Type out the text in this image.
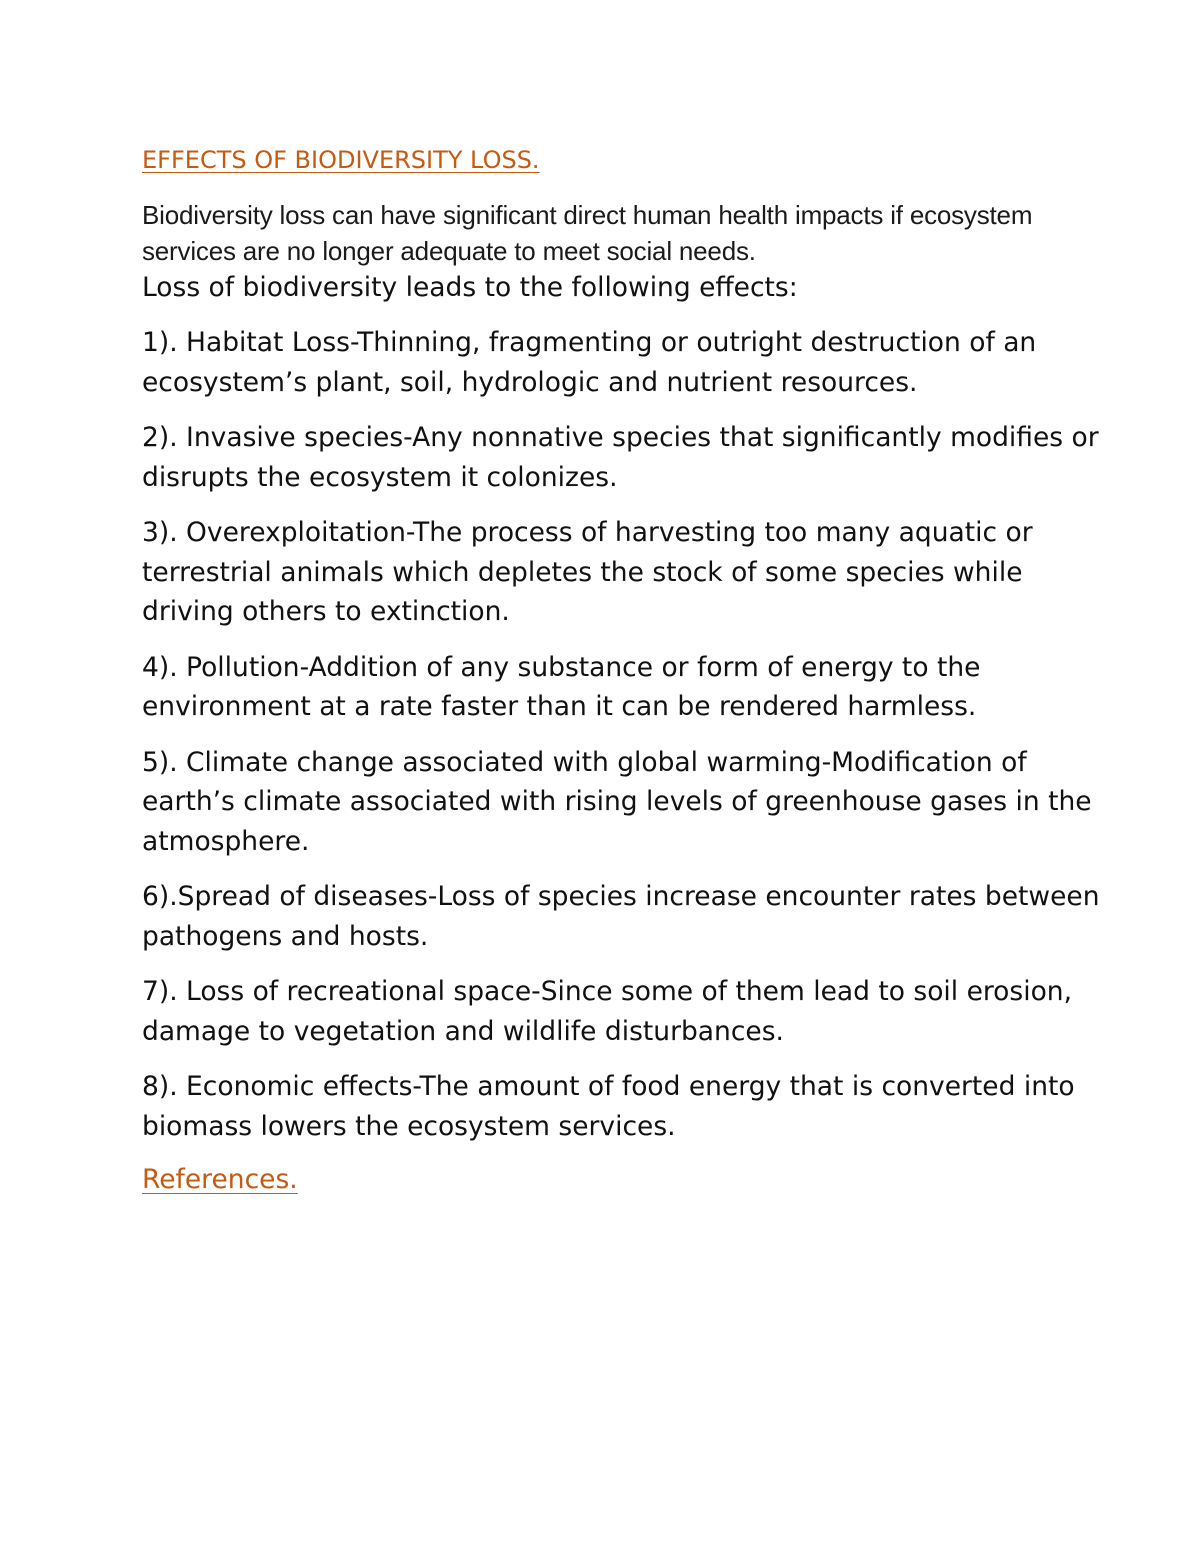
EFFECTS OF BIODIVERSITY LOSS.

Biodiversity loss can have significant direct human health impacts if ecosystem services are no longer adequate to meet social needs.

Loss of biodiversity leads to the following effects:

1). Habitat Loss-Thinning, fragmenting or outright destruction of an ecosystem’s plant, soil, hydrologic and nutrient resources.

2). Invasive species-Any nonnative species that significantly modifies or disrupts the ecosystem it colonizes.

3). Overexploitation-The process of harvesting too many aquatic or terrestrial animals which depletes the stock of some species while driving others to extinction.

4). Pollution-Addition of any substance or form of energy to the environment at a rate faster than it can be rendered harmless.

5). Climate change associated with global warming-Modification of earth’s climate associated with rising levels of greenhouse gases in the atmosphere.

6).Spread of diseases-Loss of species increase encounter rates between pathogens and hosts.

7). Loss of recreational space-Since some of them lead to soil erosion, damage to vegetation and wildlife disturbances.

8). Economic effects-The amount of food energy that is converted into biomass lowers the ecosystem services.

References.
